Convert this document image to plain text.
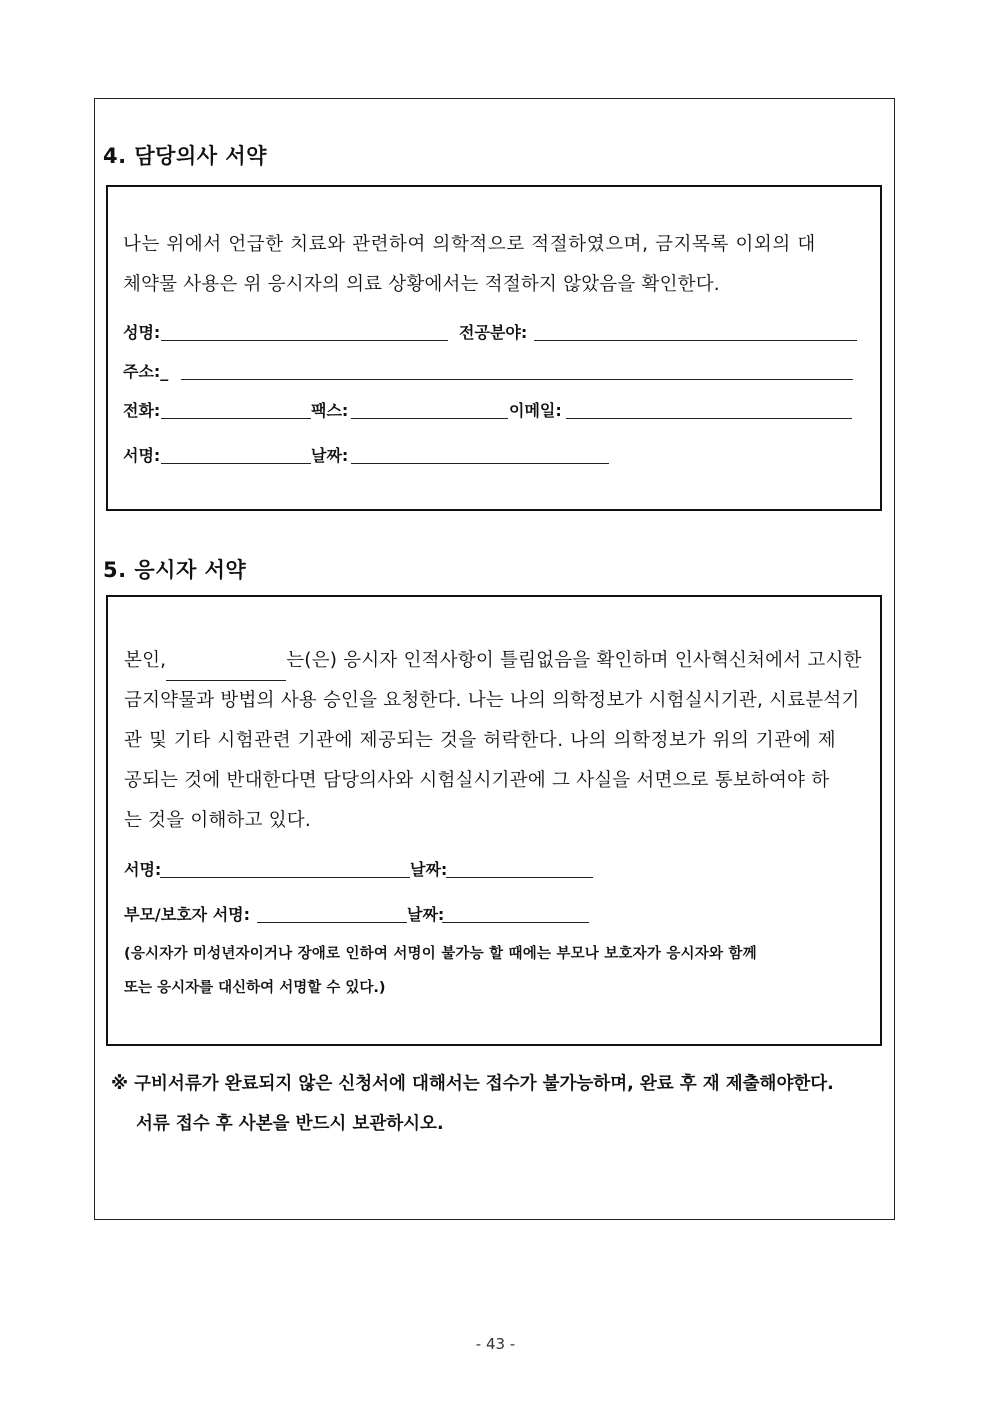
4. 담당의사 서약

나는 위에서 언급한 치료와 관련하여 의학적으로 적절하였으며, 금지목록 이외의 대

체약물 사용은 위 응시자의 의료 상황에서는 적절하지 않았음을 확인한다.

성명:	전공분야:
주소:_
전화:	팩스:	이메일:
서명:	날짜:
5. 응시자 서약

본인,	는(은) 응시자 인적사항이 틀림없음을 확인하며 인사혁신처에서 고시한

금지약물과 방법의 사용 승인을 요청한다. 나는 나의 의학정보가 시험실시기관, 시료분석기

관 및 기타 시험관련 기관에 제공되는 것을 허락한다. 나의 의학정보가 위의 기관에 제

공되는 것에 반대한다면 담당의사와 시험실시기관에 그 사실을 서면으로 통보하여야 하

는 것을 이해하고 있다.

서명:	날짜:
부모/보호자 서명:	날짜:
(응시자가 미성년자이거나 장애로 인하여 서명이 불가능 할 때에는 부모나 보호자가 응시자와 함께
또는 응시자를 대신하여 서명할 수 있다.)
※ 구비서류가 완료되지 않은 신청서에 대해서는 접수가 불가능하며, 완료 후 재 제출해야한다.
서류 접수 후 사본을 반드시 보관하시오.
- 43 -
